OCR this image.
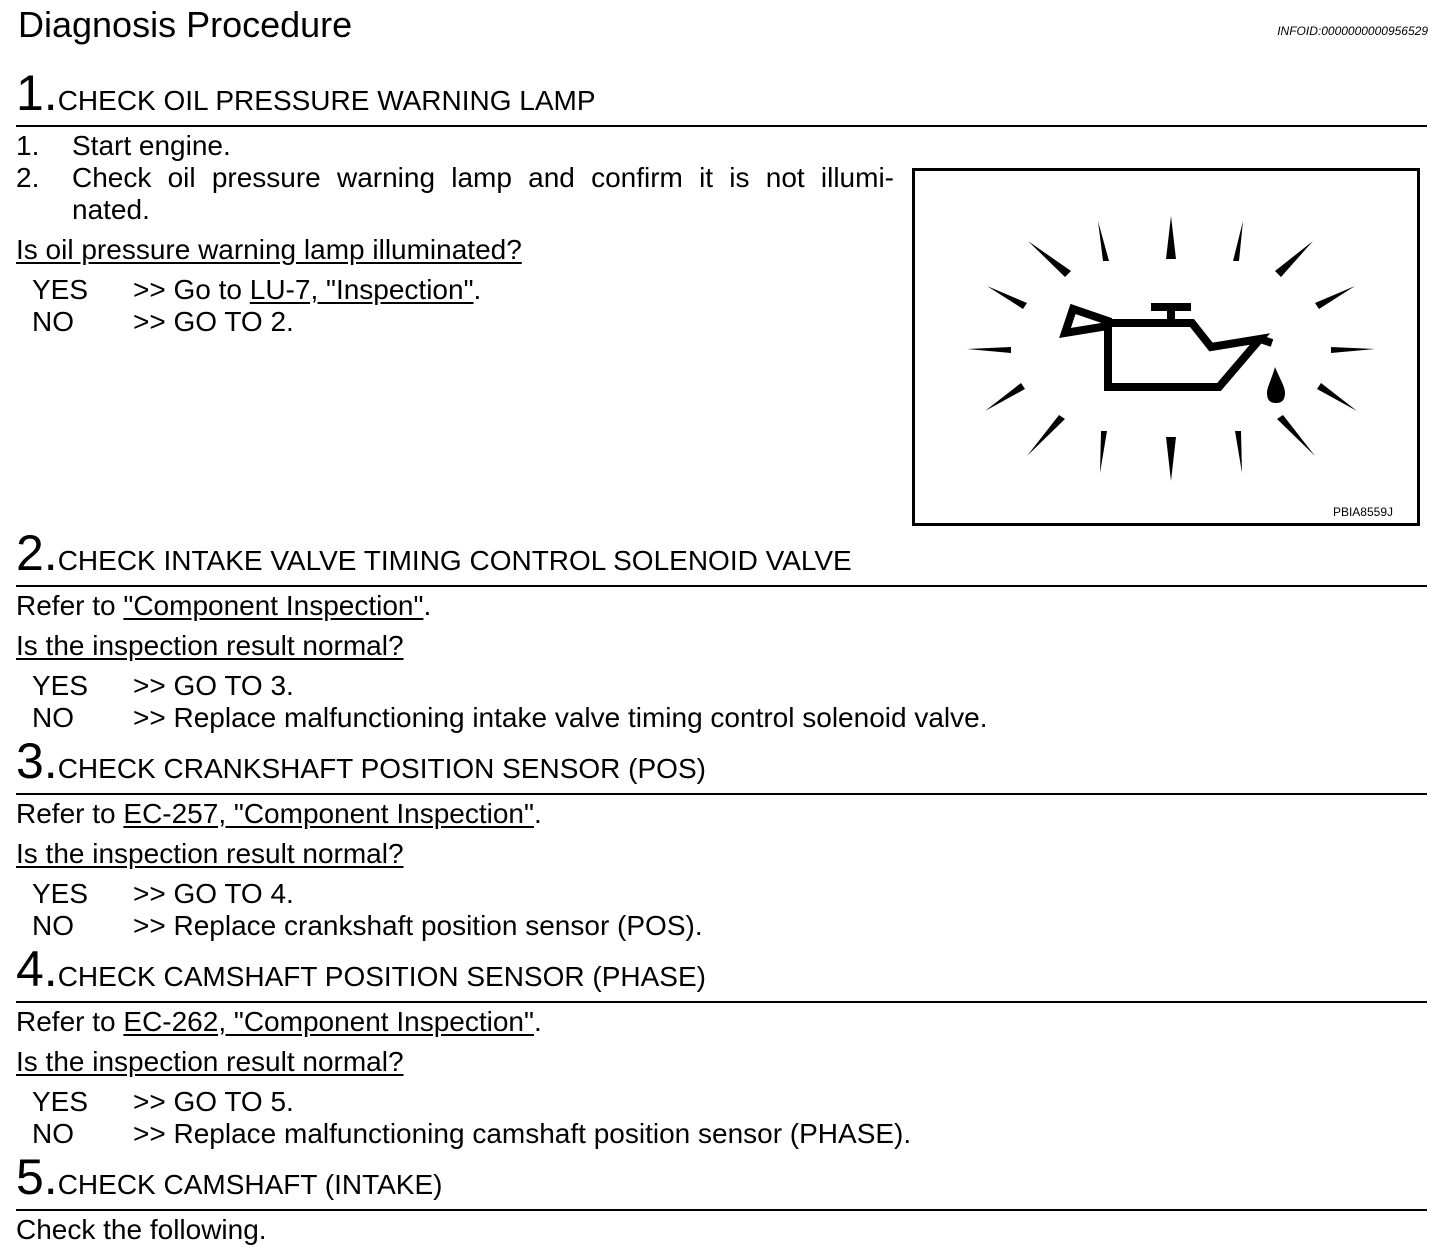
Diagnosis Procedure	INFOID:0000000000956529
1.CHECK OIL PRESSURE WARNING LAMP
1. Start engine.
2. Check oil pressure warning lamp and confirm it is not illumi-
nated.
Is oil pressure warning lamp illuminated?
YES >> Go to LU-7, "Inspection".
NO >> GO TO 2.
PBIA8559J
2.CHECK INTAKE VALVE TIMING CONTROL SOLENOID VALVE
Refer to "Component Inspection".
Is the inspection result normal?
YES >> GO TO 3.
NO >> Replace malfunctioning intake valve timing control solenoid valve.
3.CHECK CRANKSHAFT POSITION SENSOR (POS)
Refer to EC-257, "Component Inspection".
Is the inspection result normal?
YES >> GO TO 4.
NO >> Replace crankshaft position sensor (POS).
4.CHECK CAMSHAFT POSITION SENSOR (PHASE)
Refer to EC-262, "Component Inspection".
Is the inspection result normal?
YES >> GO TO 5.
NO >> Replace malfunctioning camshaft position sensor (PHASE).
5.CHECK CAMSHAFT (INTAKE)
Check the following.
